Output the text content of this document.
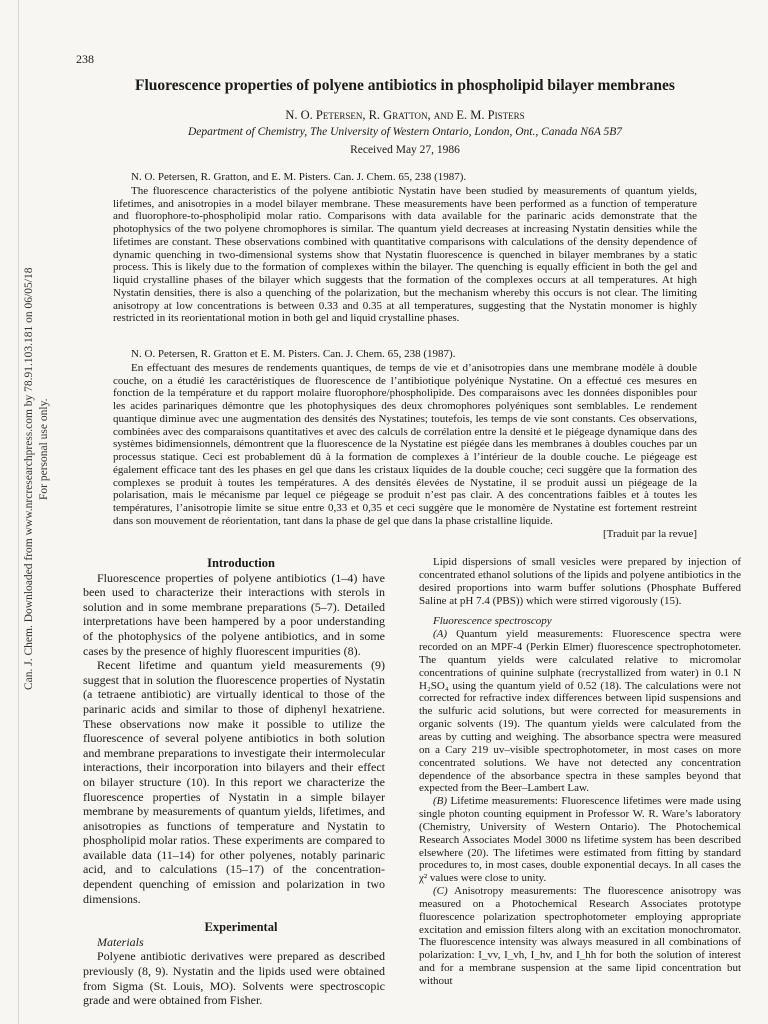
Can. J. Chem. Downloaded from www.nrcresearchpress.com by 78.91.103.181 on 06/05/18 For personal use only.
238
Fluorescence properties of polyene antibiotics in phospholipid bilayer membranes
N. O. Petersen, R. Gratton, and E. M. Pisters
Department of Chemistry, The University of Western Ontario, London, Ont., Canada N6A 5B7
Received May 27, 1986

N. O. Petersen, R. Gratton, and E. M. Pisters. Can. J. Chem. 65, 238 (1987).

The fluorescence characteristics of the polyene antibiotic Nystatin have been studied by measurements of quantum yields, lifetimes, and anisotropies in a model bilayer membrane. These measurements have been performed as a function of temperature and fluorophore-to-phospholipid molar ratio. Comparisons with data available for the parinaric acids demonstrate that the photophysics of the two polyene chromophores is similar. The quantum yield decreases at increasing Nystatin densities while the lifetimes are constant. These observations combined with quantitative comparisons with calculations of the density dependence of dynamic quenching in two-dimensional systems show that Nystatin fluorescence is quenched in bilayer membranes by a static process. This is likely due to the formation of complexes within the bilayer. The quenching is equally efficient in both the gel and liquid crystalline phases of the bilayer which suggests that the formation of the complexes occurs at all temperatures. At high Nystatin densities, there is also a quenching of the polarization, but the mechanism whereby this occurs is not clear. The limiting anisotropy at low concentrations is between 0.33 and 0.35 at all temperatures, suggesting that the Nystatin monomer is highly restricted in its reorientational motion in both gel and liquid crystalline phases.

N. O. Petersen, R. Gratton et E. M. Pisters. Can. J. Chem. 65, 238 (1987).

En effectuant des mesures de rendements quantiques, de temps de vie et d’anisotropies dans une membrane modèle à double couche, on a étudié les caractéristiques de fluorescence de l’antibiotique polyénique Nystatine. On a effectué ces mesures en fonction de la température et du rapport molaire fluorophore/phospholipide. Des comparaisons avec les données disponibles pour les acides parinariques démontre que les photophysiques des deux chromophores polyéniques sont semblables. Le rendement quantique diminue avec une augmentation des densités des Nystatines; toutefois, les temps de vie sont constants. Ces observations, combinées avec des comparaisons quantitatives et avec des calculs de corrélation entre la densité et le piégeage dynamique dans des systèmes bidimensionnels, démontrent que la fluorescence de la Nystatine est piégée dans les membranes à doubles couches par un processus statique. Ceci est probablement dû à la formation de complexes à l’intérieur de la double couche. Le piégeage est également efficace tant des les phases en gel que dans les cristaux liquides de la double couche; ceci suggère que la formation des complexes se produit à toutes les températures. A des densités élevées de Nystatine, il se produit aussi un piégeage de la polarisation, mais le mécanisme par lequel ce piégeage se produit n’est pas clair. A des concentrations faibles et à toutes les températures, l’anisotropie limite se situe entre 0,33 et 0,35 et ceci suggère que le monomère de Nystatine est fortement restreint dans son mouvement de réorientation, tant dans la phase de gel que dans la phase cristalline liquide.

[Traduit par la revue]

Introduction

Fluorescence properties of polyene antibiotics (1–4) have been used to characterize their interactions with sterols in solution and in some membrane preparations (5–7). Detailed interpretations have been hampered by a poor understanding of the photophysics of the polyene antibiotics, and in some cases by the presence of highly fluorescent impurities (8).

Recent lifetime and quantum yield measurements (9) suggest that in solution the fluorescence properties of Nystatin (a tetraene antibiotic) are virtually identical to those of the parinaric acids and similar to those of diphenyl hexatriene. These observations now make it possible to utilize the fluorescence of several polyene antibiotics in both solution and membrane preparations to investigate their intermolecular interactions, their incorporation into bilayers and their effect on bilayer structure (10). In this report we characterize the fluorescence properties of Nystatin in a simple bilayer membrane by measurements of quantum yields, lifetimes, and anisotropies as functions of temperature and Nystatin to phospholipid molar ratios. These experiments are compared to available data (11–14) for other polyenes, notably parinaric acid, and to calculations (15–17) of the concentration-dependent quenching of emission and polarization in two dimensions.

Experimental

Materials

Polyene antibiotic derivatives were prepared as described previously (8, 9). Nystatin and the lipids used were obtained from Sigma (St. Louis, MO). Solvents were spectroscopic grade and were obtained from Fisher.

Lipid dispersions of small vesicles were prepared by injection of concentrated ethanol solutions of the lipids and polyene antibiotics in the desired proportions into warm buffer solutions (Phosphate Buffered Saline at pH 7.4 (PBS)) which were stirred vigorously (15).

Fluorescence spectroscopy

(A) Quantum yield measurements: Fluorescence spectra were recorded on an MPF-4 (Perkin Elmer) fluorescence spectrophotometer. The quantum yields were calculated relative to micromolar concentrations of quinine sulphate (recrystallized from water) in 0.1 N H₂SO₄ using the quantum yield of 0.52 (18). The calculations were not corrected for refractive index differences between lipid suspensions and the sulfuric acid solutions, but were corrected for measurements in organic solvents (19). The quantum yields were calculated from the areas by cutting and weighing. The absorbance spectra were measured on a Cary 219 uv–visible spectrophotometer, in most cases on more concentrated solutions. We have not detected any concentration dependence of the absorbance spectra in these samples beyond that expected from the Beer–Lambert Law.

(B) Lifetime measurements: Fluorescence lifetimes were made using single photon counting equipment in Professor W. R. Ware’s laboratory (Chemistry, University of Western Ontario). The Photochemical Research Associates Model 3000 ns lifetime system has been described elsewhere (20). The lifetimes were estimated from fitting by standard procedures to, in most cases, double exponential decays. In all cases the χ² values were close to unity.

(C) Anisotropy measurements: The fluorescence anisotropy was measured on a Photochemical Research Associates prototype fluorescence polarization spectrophotometer employing appropriate excitation and emission filters along with an excitation monochromator. The fluorescence intensity was always measured in all combinations of polarization: I_vv, I_vh, I_hv, and I_hh for both the solution of interest and for a membrane suspension at the same lipid concentration but without
